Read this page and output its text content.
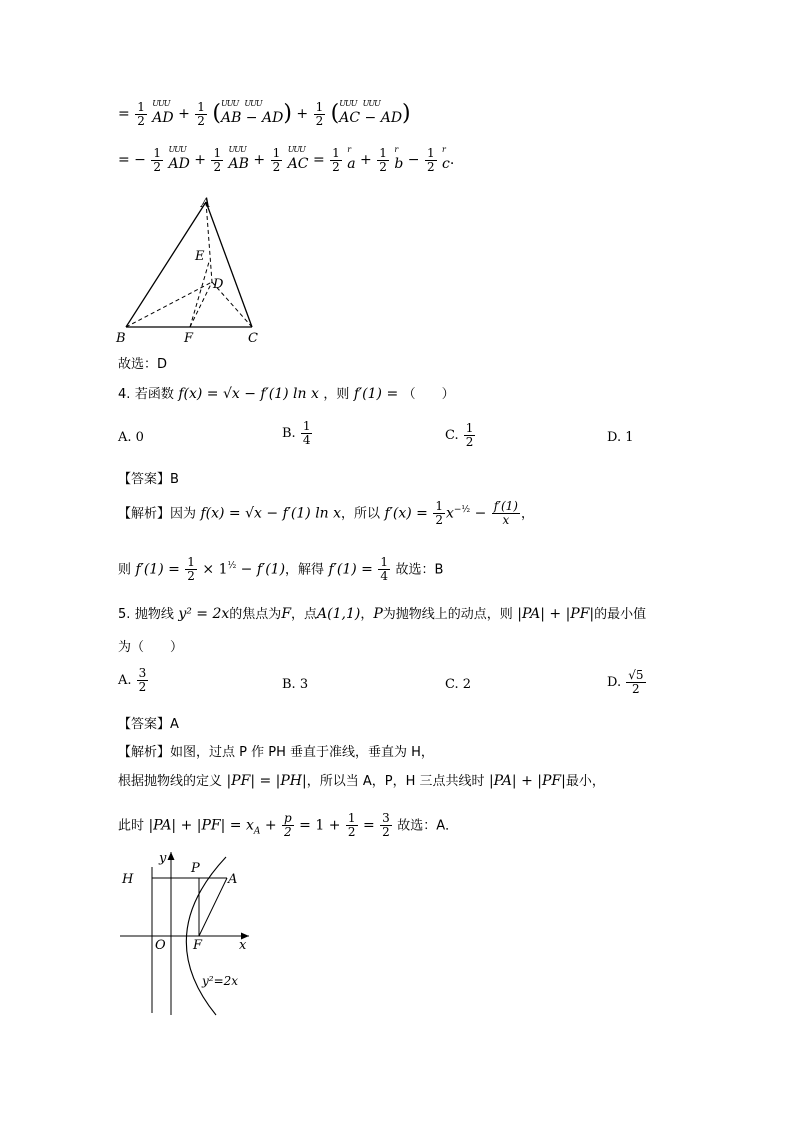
= $\frac{1}{2}$
UUU
AD + $\frac{1}{2}$ ( UUU    UUU
AB − $AD) + \frac{1}{2}$ ( UUU    UUU
AC − AD)
= − $\frac{1}{2}$
UUU
AD + $\frac{1}{2}$
UUU
AB + $\frac{1}{2}$
UUU
AC = $\frac{1}{2}$
r
$a + \frac{1}{2}$
r
$b - \frac{1}{2}$
r
c.
A
B	C
D
E
F
故选：D
4. 若函数 f(x) = √x − f′(1) ln x ，则 f′(1) = （　　）
A. 0	B. $\frac{1}{4}$	C. $\frac{1}{2}$	D. 1
【答案】B
【解析】因为 f(x) = √x − f′(1) ln x，所以 $f'(x) = \frac{1}{2} x^{-\frac{1}{2}} - \frac{f'(1)}{x}$ ，
则 $f'(1) = \frac{1}{2} \times 1^{\frac{1}{2}} - f'(1)$，解得 $f'(1) = \frac{1}{4}$ 故选：B
5. 抛物线 y² = 2x的焦点为F，点A(1,1)，P为抛物线上的动点，则 |PA| + |PF|的最小值
为（　　）
A. $\frac{3}{2}$	B. 3	C. 2	D. $\frac{√5}{2}$
【答案】A
【解析】如图，过点 P 作 PH 垂直于准线，垂直为 H，
根据抛物线的定义 |PF| = |PH|，所以当 A，P，H 三点共线时 |PA| + |PF|最小，
此时 $|PA| + |PF| = x_A + \frac{p}{2} = 1 + \frac{1}{2} = \frac{3}{2}$ 故选：A．
y
x
O
H
P
A
F
y²=2x
